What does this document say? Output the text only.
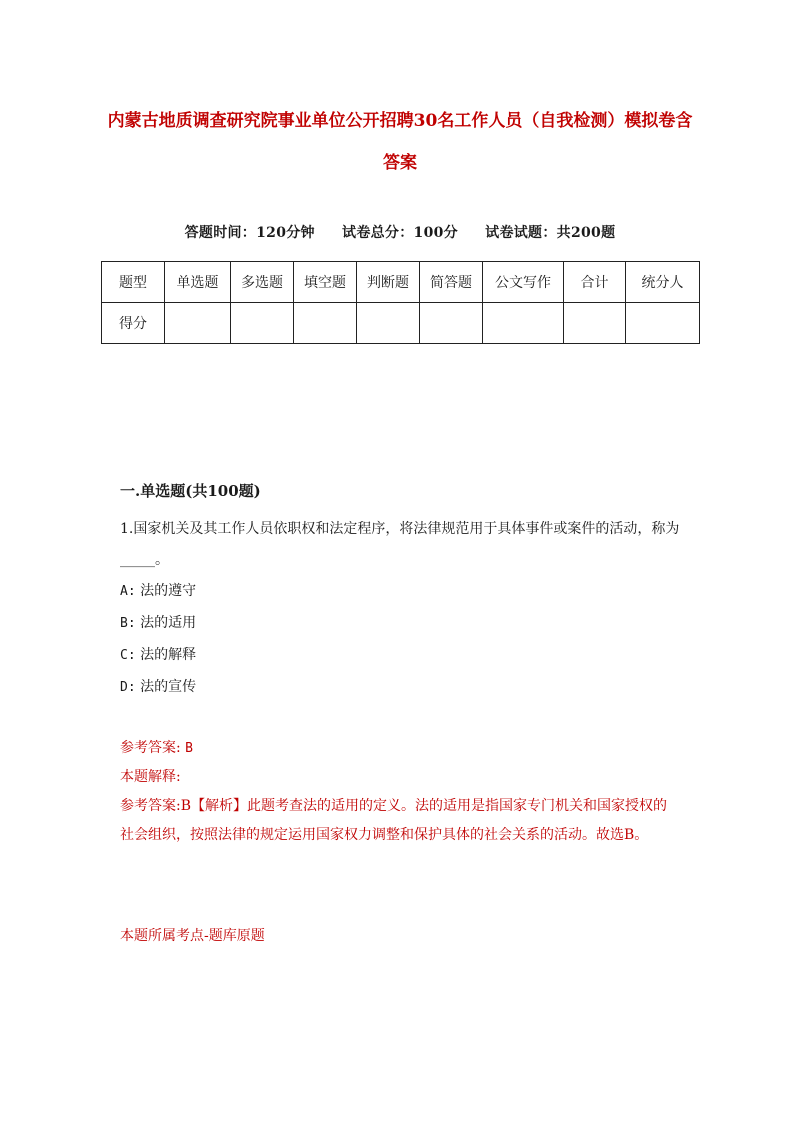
内蒙古地质调查研究院事业单位公开招聘30名工作人员（自我检测）模拟卷含答案
答题时间：120分钟 试卷总分：100分 试卷试题：共200题
题型	单选题	多选题	填空题	判断题	简答题	公文写作	合计	统分人
得分								
一.单选题(共100题)
1.国家机关及其工作人员依职权和法定程序，将法律规范用于具体事件或案件的活动，称为_____。
A: 法的遵守
B: 法的适用
C: 法的解释
D: 法的宣传
参考答案: B
本题解释:
参考答案:B【解析】此题考查法的适用的定义。法的适用是指国家专门机关和国家授权的社会组织，按照法律的规定运用国家权力调整和保护具体的社会关系的活动。故选B。
本题所属考点-题库原题
